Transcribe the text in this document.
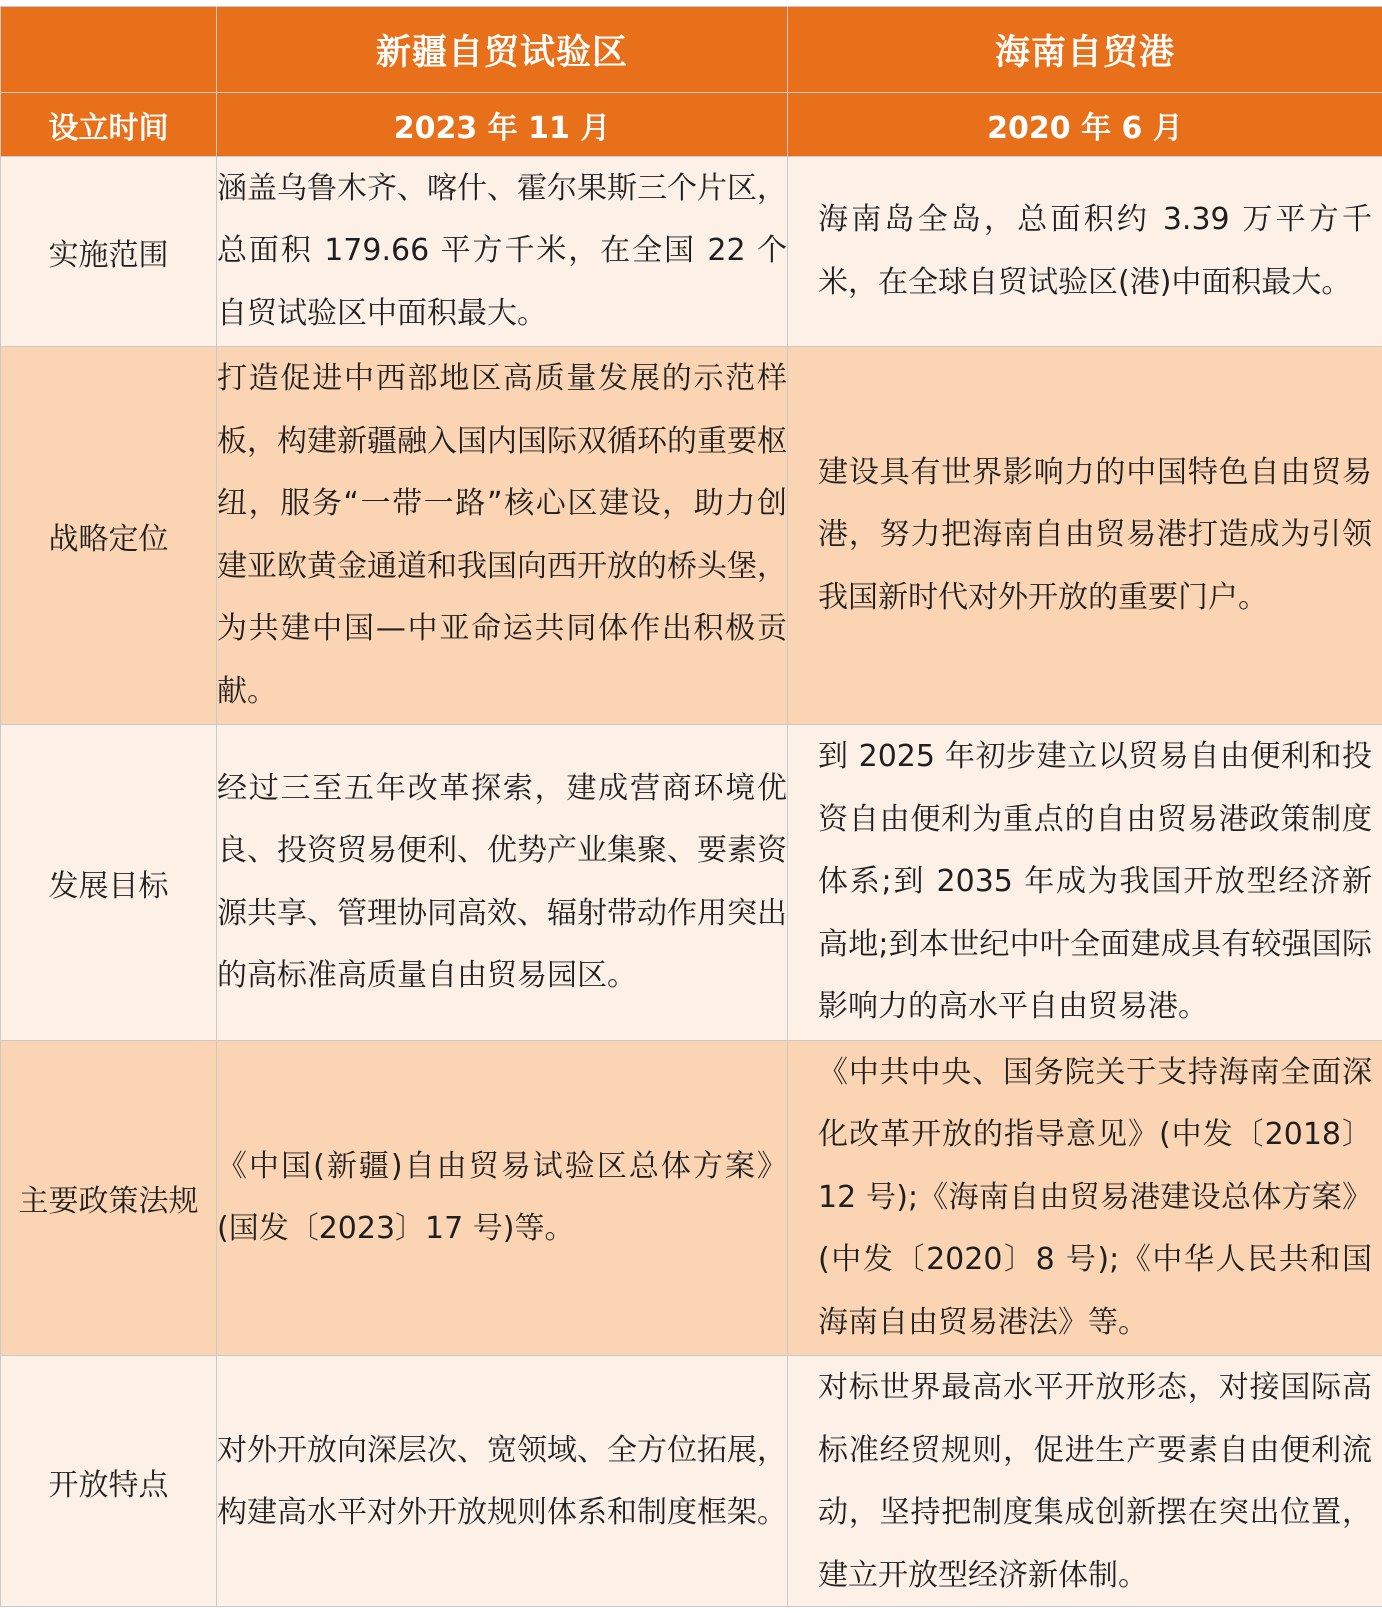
	新疆自贸试验区	海南自贸港
设立时间	2023 年 11 月	2020 年 6 月
实施范围	涵盖乌鲁木齐、喀什、霍尔果斯三个片区，总面积 179.66 平方千米，在全国 22 个自贸试验区中面积最大。	海南岛全岛，总面积约 3.39 万平方千米，在全球自贸试验区(港)中面积最大。
战略定位	打造促进中西部地区高质量发展的示范样板，构建新疆融入国内国际双循环的重要枢纽，服务“一带一路”核心区建设，助力创建亚欧黄金通道和我国向西开放的桥头堡，为共建中国—中亚命运共同体作出积极贡献。	建设具有世界影响力的中国特色自由贸易港，努力把海南自由贸易港打造成为引领我国新时代对外开放的重要门户。
发展目标	经过三至五年改革探索，建成营商环境优良、投资贸易便利、优势产业集聚、要素资源共享、管理协同高效、辐射带动作用突出的高标准高质量自由贸易园区。	到 2025 年初步建立以贸易自由便利和投资自由便利为重点的自由贸易港政策制度体系;到 2035 年成为我国开放型经济新高地;到本世纪中叶全面建成具有较强国际影响力的高水平自由贸易港。
主要政策法规	《中国(新疆)自由贸易试验区总体方案》(国发〔2023〕17 号)等。	《中共中央、国务院关于支持海南全面深化改革开放的指导意见》(中发〔2018〕12 号);《海南自由贸易港建设总体方案》(中发〔2020〕8 号);《中华人民共和国海南自由贸易港法》等。
开放特点	对外开放向深层次、宽领域、全方位拓展，构建高水平对外开放规则体系和制度框架。	对标世界最高水平开放形态，对接国际高标准经贸规则，促进生产要素自由便利流动，坚持把制度集成创新摆在突出位置，建立开放型经济新体制。
